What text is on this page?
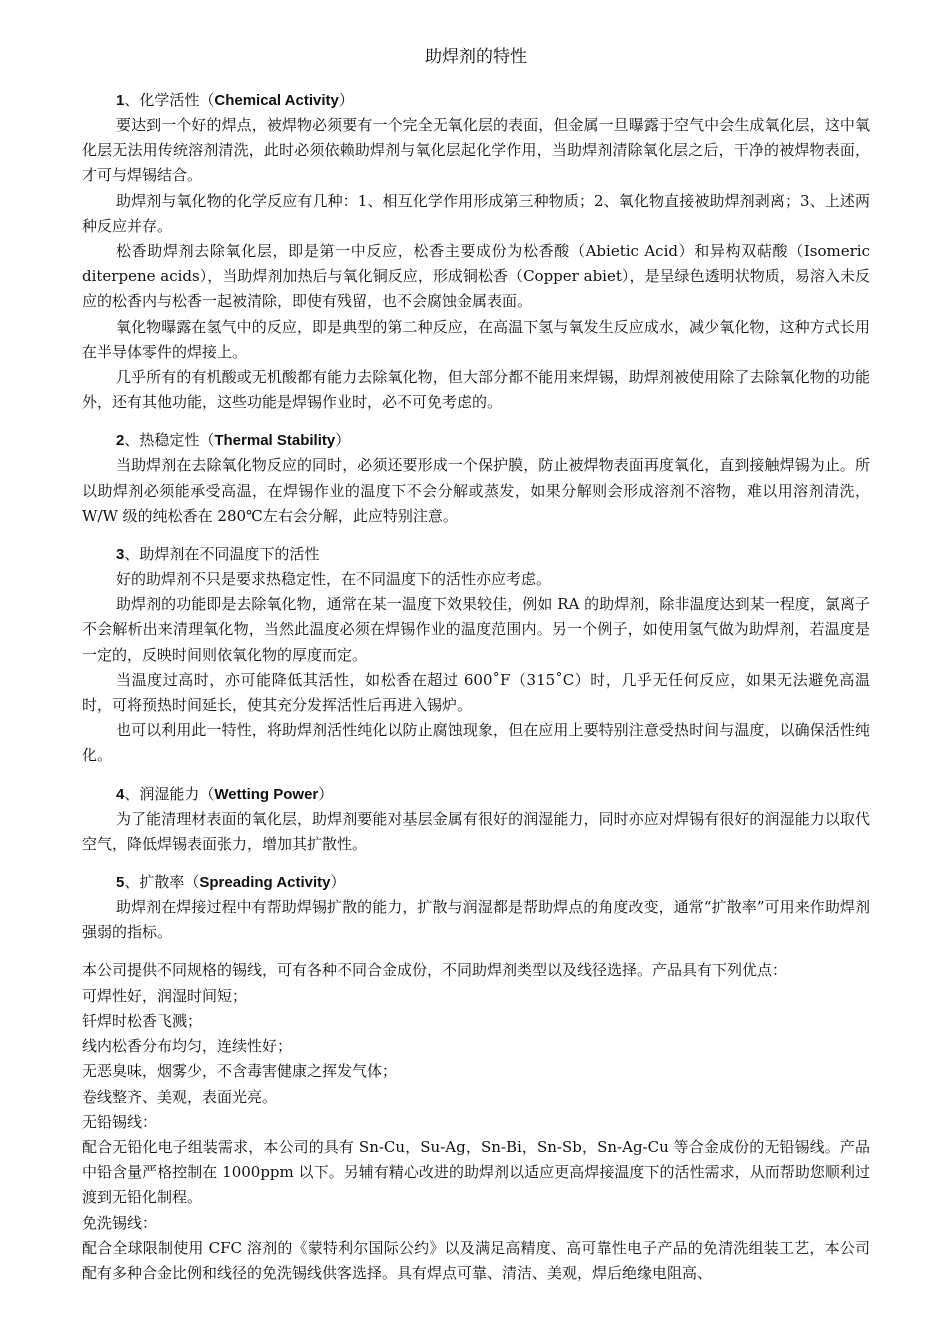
助焊剂的特性

1、化学活性（Chemical Activity）

要达到一个好的焊点，被焊物必须要有一个完全无氧化层的表面，但金属一旦曝露于空气中会生成氧化层，这中氧化层无法用传统溶剂清洗，此时必须依赖助焊剂与氧化层起化学作用，当助焊剂清除氧化层之后，干净的被焊物表面，才可与焊锡结合。

助焊剂与氧化物的化学反应有几种：1、相互化学作用形成第三种物质；2、氧化物直接被助焊剂剥离；3、上述两种反应并存。

松香助焊剂去除氧化层，即是第一中反应，松香主要成份为松香酸（Abietic Acid）和异构双萜酸（Isomeric diterpene acids），当助焊剂加热后与氧化铜反应，形成铜松香（Copper abiet），是呈绿色透明状物质，易溶入未反应的松香内与松香一起被清除，即使有残留，也不会腐蚀金属表面。

氧化物曝露在氢气中的反应，即是典型的第二种反应，在高温下氢与氧发生反应成水，减少氧化物，这种方式长用在半导体零件的焊接上。

几乎所有的有机酸或无机酸都有能力去除氧化物，但大部分都不能用来焊锡，助焊剂被使用除了去除氧化物的功能外，还有其他功能，这些功能是焊锡作业时，必不可免考虑的。

2、热稳定性（Thermal Stability）

当助焊剂在去除氧化物反应的同时，必须还要形成一个保护膜，防止被焊物表面再度氧化，直到接触焊锡为止。所以助焊剂必须能承受高温，在焊锡作业的温度下不会分解或蒸发，如果分解则会形成溶剂不溶物，难以用溶剂清洗，W/W 级的纯松香在 280℃左右会分解，此应特别注意。

3、助焊剂在不同温度下的活性

好的助焊剂不只是要求热稳定性，在不同温度下的活性亦应考虑。

助焊剂的功能即是去除氧化物，通常在某一温度下效果较佳，例如 RA 的助焊剂，除非温度达到某一程度，氯离子不会解析出来清理氧化物，当然此温度必须在焊锡作业的温度范围内。另一个例子，如使用氢气做为助焊剂，若温度是一定的，反映时间则依氧化物的厚度而定。

当温度过高时，亦可能降低其活性，如松香在超过 600˚F（315˚C）时，几乎无任何反应，如果无法避免高温时，可将预热时间延长，使其充分发挥活性后再进入锡炉。

也可以利用此一特性，将助焊剂活性纯化以防止腐蚀现象，但在应用上要特别注意受热时间与温度，以确保活性纯化。

4、润湿能力（Wetting Power）

为了能清理材表面的氧化层，助焊剂要能对基层金属有很好的润湿能力，同时亦应对焊锡有很好的润湿能力以取代空气，降低焊锡表面张力，增加其扩散性。

5、扩散率（Spreading Activity）

助焊剂在焊接过程中有帮助焊锡扩散的能力，扩散与润湿都是帮助焊点的角度改变，通常“扩散率”可用来作助焊剂强弱的指标。

本公司提供不同规格的锡线，可有各种不同合金成份，不同助焊剂类型以及线径选择。产品具有下列优点：

可焊性好，润湿时间短；

钎焊时松香飞溅；

线内松香分布均匀，连续性好；

无恶臭味，烟雾少，不含毒害健康之挥发气体；

卷线整齐、美观，表面光亮。

无铅锡线：

配合无铅化电子组装需求，本公司的具有 Sn-Cu，Su-Ag，Sn-Bi，Sn-Sb，Sn-Ag-Cu 等合金成份的无铅锡线。产品中铅含量严格控制在 1000ppm 以下。另辅有精心改进的助焊剂以适应更高焊接温度下的活性需求，从而帮助您顺利过渡到无铅化制程。

免洗锡线：

配合全球限制使用 CFC 溶剂的《蒙特利尔国际公约》以及满足高精度、高可靠性电子产品的免清洗组装工艺，本公司配有多种合金比例和线径的免洗锡线供客选择。具有焊点可靠、清洁、美观，焊后绝缘电阻高、
